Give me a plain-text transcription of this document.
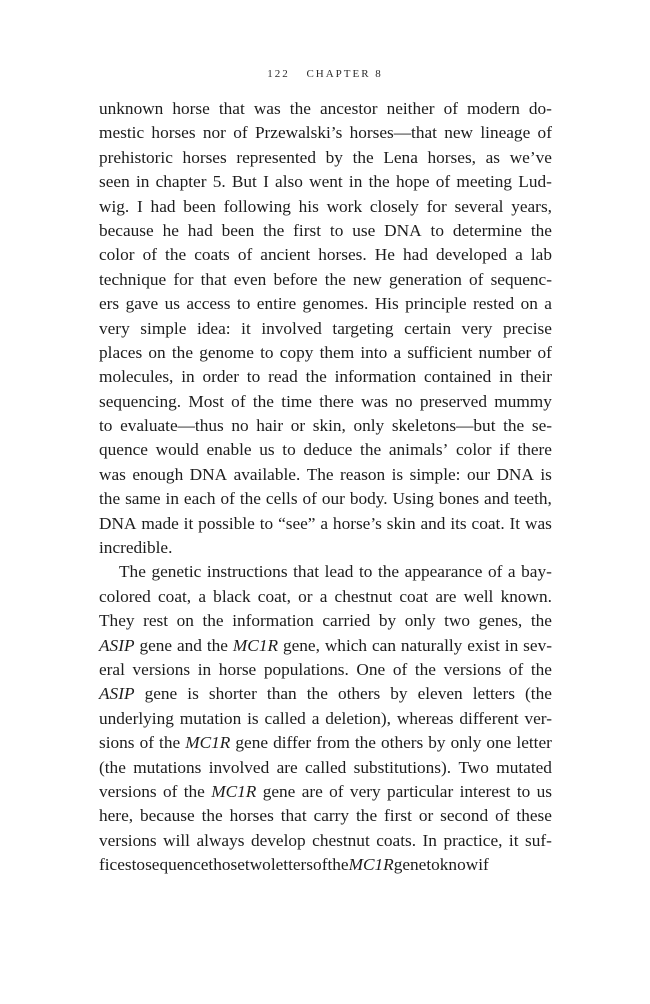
122 CHAPTER 8
unknown horse that was the ancestor neither of modern do-
mestic horses nor of Przewalski’s horses—that new lineage of
prehistoric horses represented by the Lena horses, as we’ve
seen in chapter 5. But I also went in the hope of meeting Lud-
wig. I had been following his work closely for several years,
because he had been the first to use DNA to determine the
color of the coats of ancient horses. He had developed a lab
technique for that even before the new generation of sequenc-
ers gave us access to entire genomes. His principle rested on a
very simple idea: it involved targeting certain very precise
places on the genome to copy them into a sufficient number of
molecules, in order to read the information contained in their
sequencing. Most of the time there was no preserved mummy
to evaluate—thus no hair or skin, only skeletons—but the se-
quence would enable us to deduce the animals’ color if there
was enough DNA available. The reason is simple: our DNA is
the same in each of the cells of our body. Using bones and teeth,
DNA made it possible to “see” a horse’s skin and its coat. It was
incredible.
The genetic instructions that lead to the appearance of a bay-
colored coat, a black coat, or a chestnut coat are well known.
They rest on the information carried by only two genes, the
ASIP gene and the MC1R gene, which can naturally exist in sev-
eral versions in horse populations. One of the versions of the
ASIP gene is shorter than the others by eleven letters (the
underlying mutation is called a deletion), whereas different ver-
sions of the MC1R gene differ from the others by only one letter
(the mutations involved are called substitutions). Two mutated
versions of the MC1R gene are of very particular interest to us
here, because the horses that carry the first or second of these
versions will always develop chestnut coats. In practice, it suf-
fices to sequence those two letters of the MC1R gene to know if
